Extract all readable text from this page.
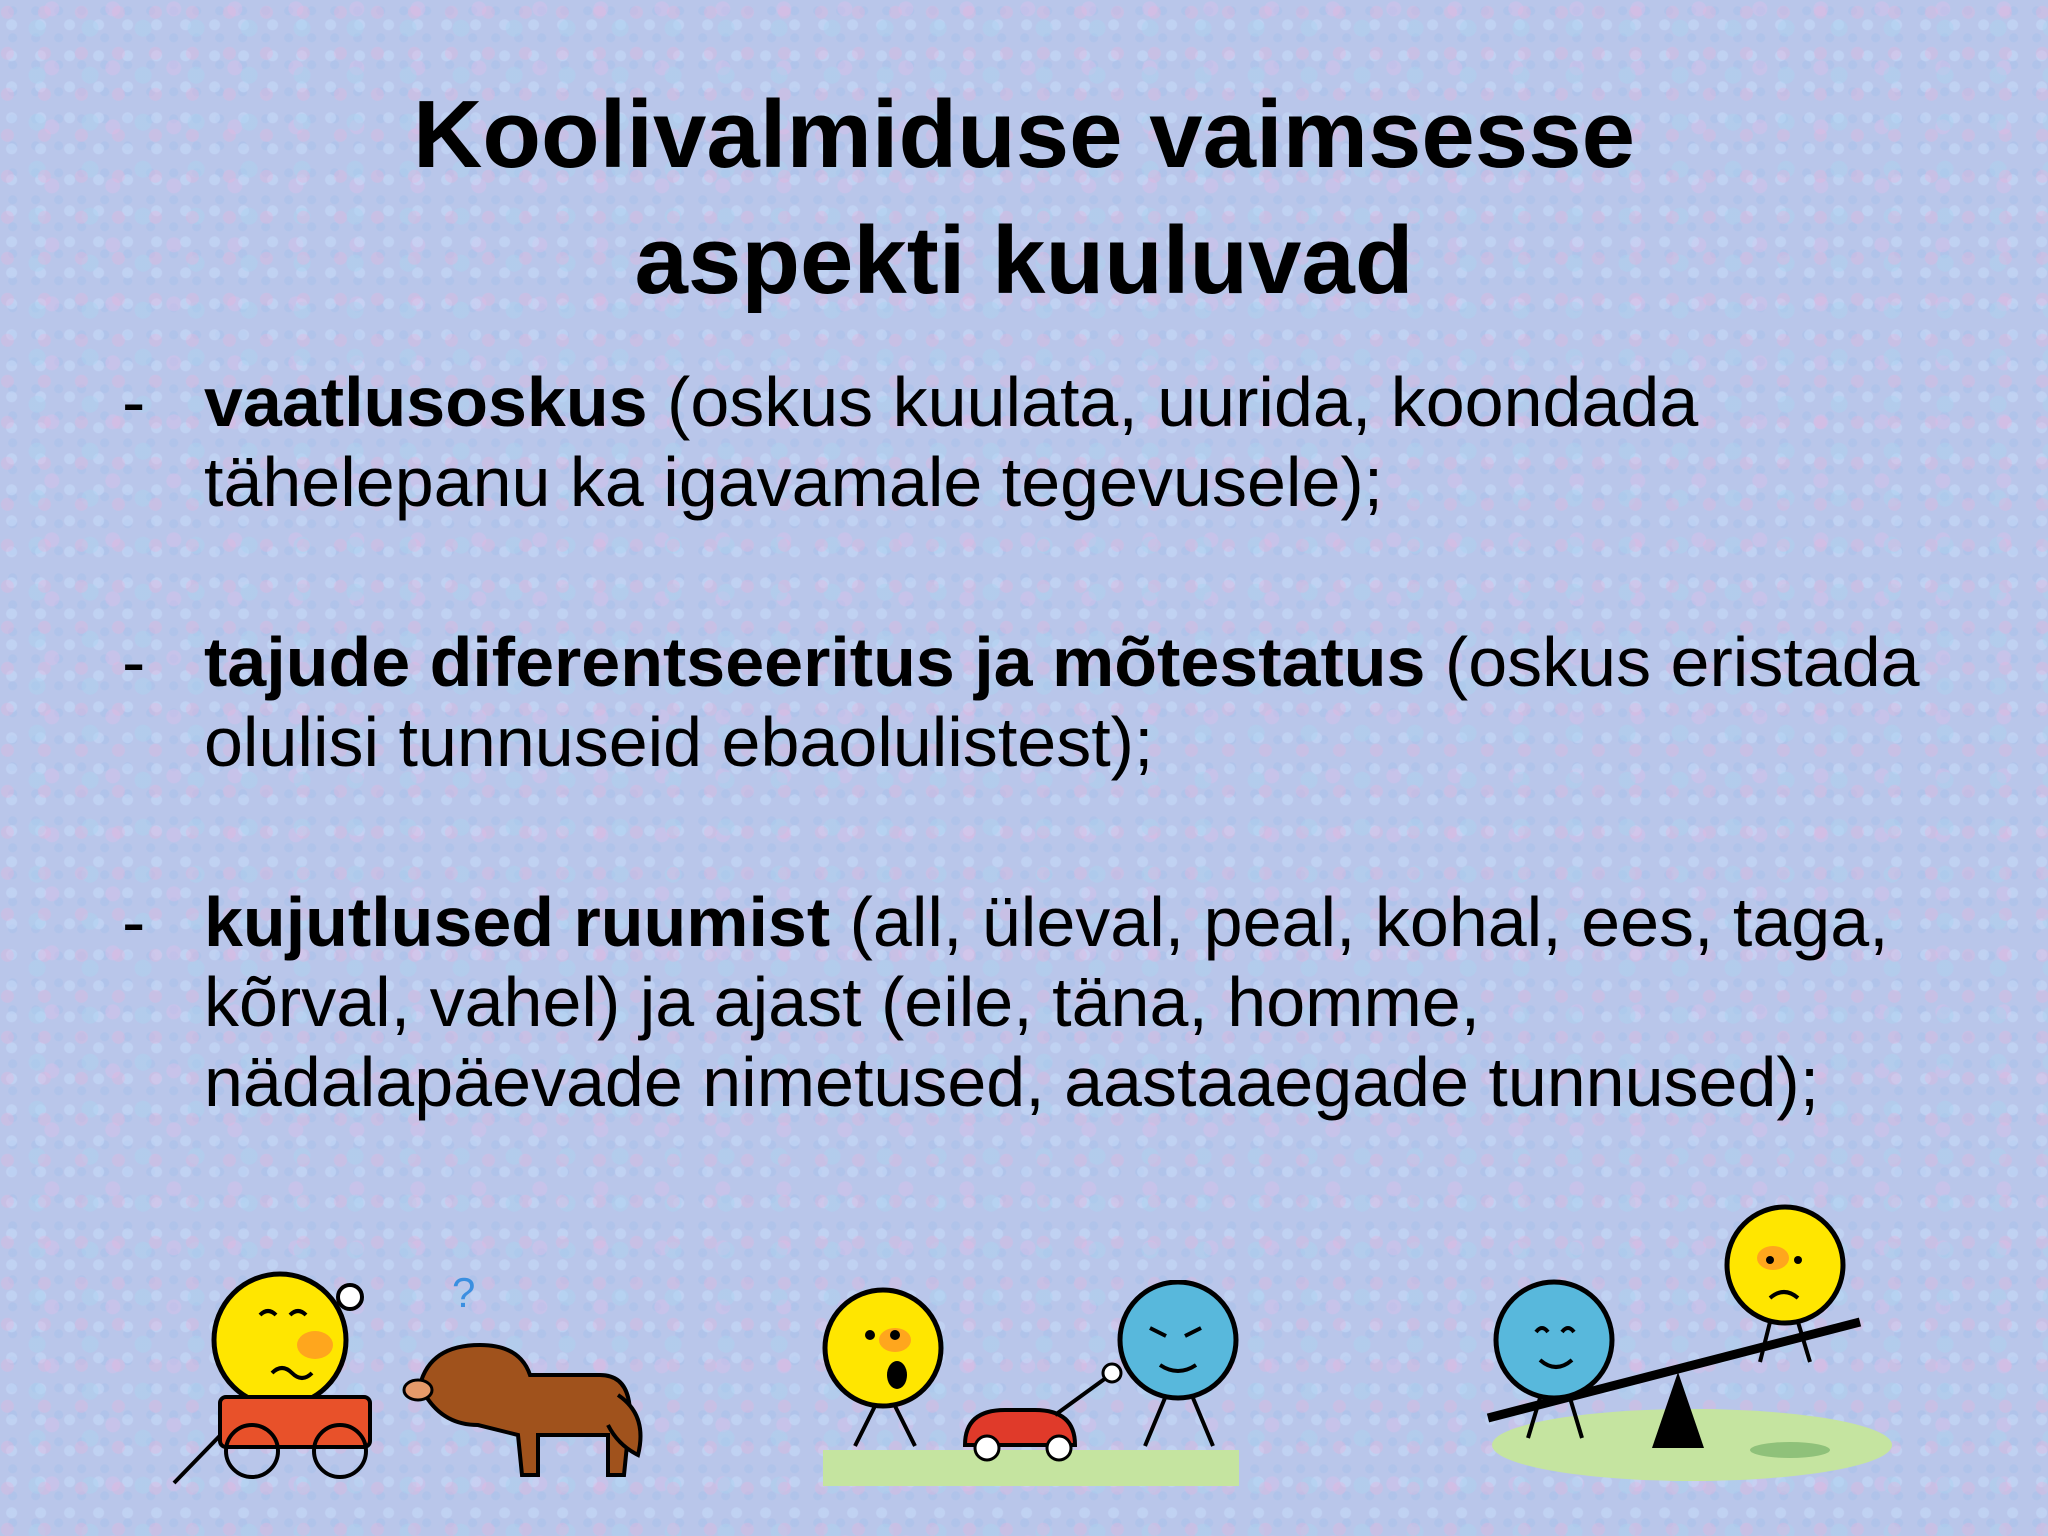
Koolivalmiduse vaimsesse
aspekti kuuluvad
- vaatlusoskus (oskus kuulata, uurida, koondada tähelepanu ka igavamale tegevusele);
- tajude diferentseeritus ja mõtestatus (oskus eristada olulisi tunnuseid ebaolulistest);
- kujutlused ruumist (all, üleval, peal, kohal, ees, taga, kõrval, vahel) ja ajast (eile, täna, homme, nädalapäevade nimetused, aastaaegade tunnused);
?
